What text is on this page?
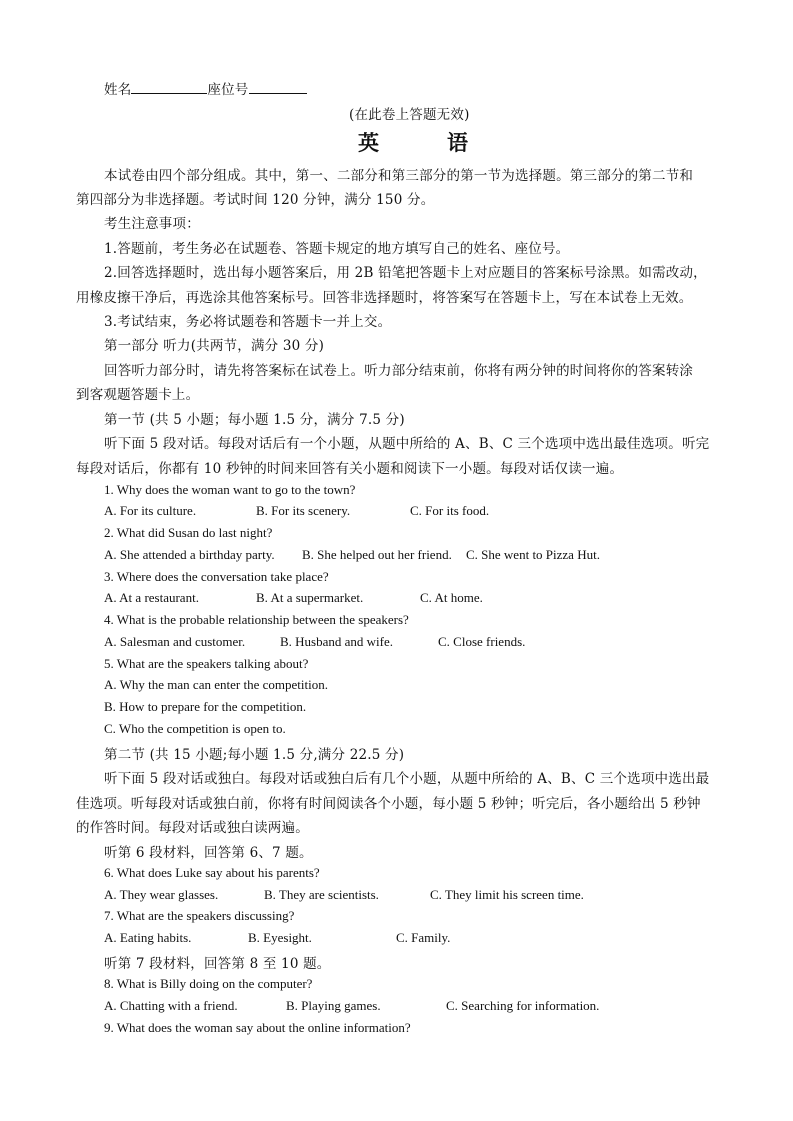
姓名	座位号
(在此卷上答题无效)
英	语
本试卷由四个部分组成。其中，第一、二部分和第三部分的第一节为选择题。第三部分的第二节和
第四部分为非选择题。考试时间 120 分钟，满分 150 分。
考生注意事项：
1.答题前，考生务必在试题卷、答题卡规定的地方填写自己的姓名、座位号。
2.回答选择题时，选出每小题答案后，用 2B 铅笔把答题卡上对应题目的答案标号涂黑。如需改动，
用橡皮擦干净后，再选涂其他答案标号。回答非选择题时，将答案写在答题卡上，写在本试卷上无效。
3.考试结束，务必将试题卷和答题卡一并上交。
第一部分 听力(共两节，满分 30 分)
回答听力部分时，请先将答案标在试卷上。听力部分结束前，你将有两分钟的时间将你的答案转涂
到客观题答题卡上。
第一节 (共 5 小题；每小题 1.5 分，满分 7.5 分)
听下面 5 段对话。每段对话后有一个小题，从题中所给的 A、B、C 三个选项中选出最佳选项。听完
每段对话后，你都有 10 秒钟的时间来回答有关小题和阅读下一小题。每段对话仅读一遍。
1. Why does the woman want to go to the town?
A. For its culture.	B. For its scenery.	C. For its food.
2. What did Susan do last night?
A. She attended a birthday party. B. She helped out her friend. C. She went to Pizza Hut.
3. Where does the conversation take place?
A. At a restaurant.	B. At a supermarket.	C. At home.
4. What is the probable relationship between the speakers?
A. Salesman and customer.	B. Husband and wife.	C. Close friends.
5. What are the speakers talking about?
A. Why the man can enter the competition.
B. How to prepare for the competition.
C. Who the competition is open to.
第二节 (共 15 小题;每小题 1.5 分,满分 22.5 分)
听下面 5 段对话或独白。每段对话或独白后有几个小题，从题中所给的 A、B、C 三个选项中选出最
佳选项。听每段对话或独白前，你将有时间阅读各个小题，每小题 5 秒钟；听完后，各小题给出 5 秒钟
的作答时间。每段对话或独白读两遍。
听第 6 段材料，回答第 6、7 题。
6. What does Luke say about his parents?
A. They wear glasses.	B. They are scientists.	C. They limit his screen time.
7. What are the speakers discussing?
A. Eating habits.	B. Eyesight.	C. Family.
听第 7 段材料，回答第 8 至 10 题。
8. What is Billy doing on the computer?
A. Chatting with a friend.	B. Playing games.	C. Searching for information.
9. What does the woman say about the online information?
